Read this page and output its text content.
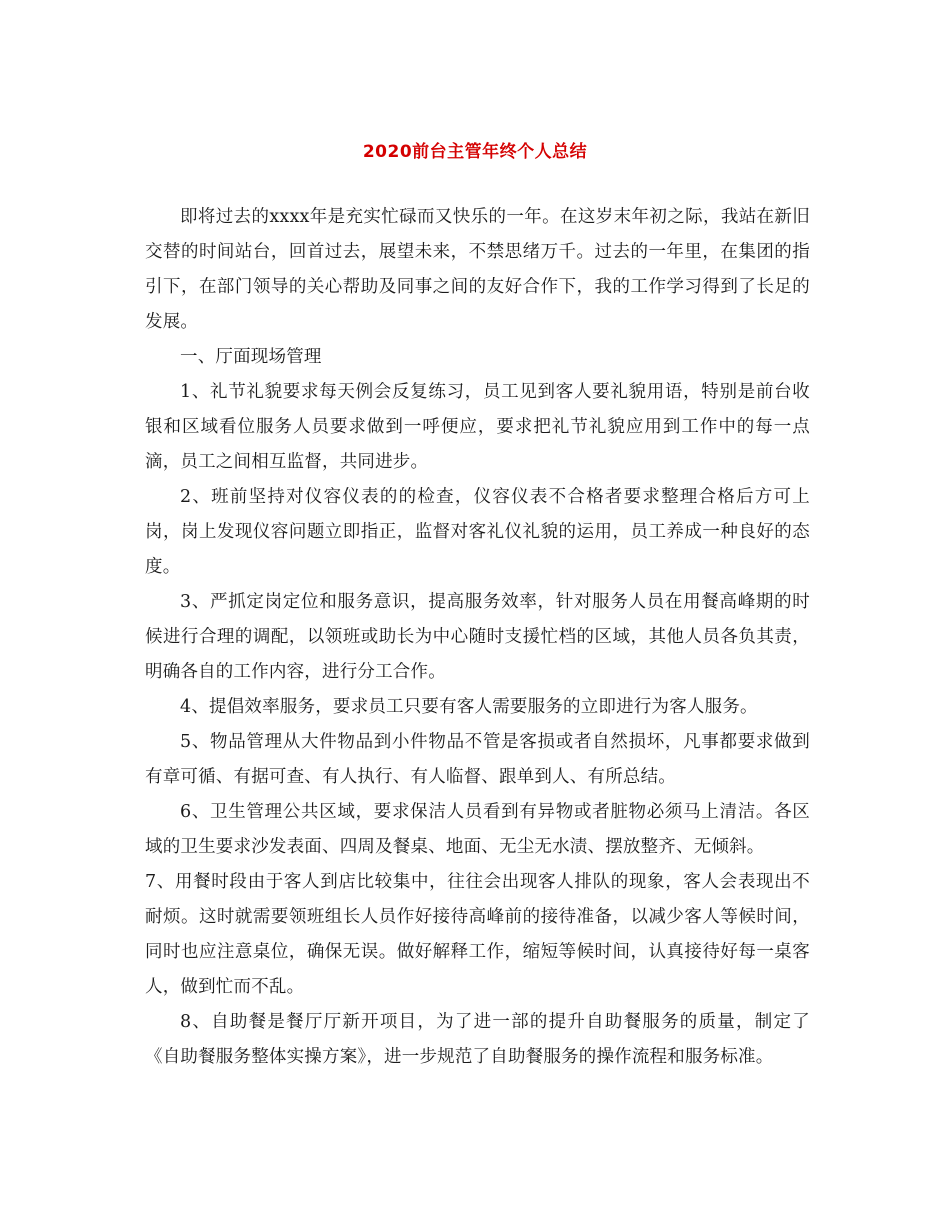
2020前台主管年终个人总结

即将过去的xxxx年是充实忙碌而又快乐的一年。在这岁末年初之际，我站在新旧交替的时间站台，回首过去，展望未来，不禁思绪万千。过去的一年里，在集团的指引下，在部门领导的关心帮助及同事之间的友好合作下，我的工作学习得到了长足的发展。

一、厅面现场管理

1、礼节礼貌要求每天例会反复练习，员工见到客人要礼貌用语，特别是前台收银和区域看位服务人员要求做到一呼便应，要求把礼节礼貌应用到工作中的每一点滴，员工之间相互监督，共同进步。

2、班前坚持对仪容仪表的的检查，仪容仪表不合格者要求整理合格后方可上岗，岗上发现仪容问题立即指正，监督对客礼仪礼貌的运用，员工养成一种良好的态度。

3、严抓定岗定位和服务意识，提高服务效率，针对服务人员在用餐高峰期的时候进行合理的调配，以领班或助长为中心随时支援忙档的区域，其他人员各负其责，明确各自的工作内容，进行分工合作。

4、提倡效率服务，要求员工只要有客人需要服务的立即进行为客人服务。

5、物品管理从大件物品到小件物品不管是客损或者自然损坏，凡事都要求做到有章可循、有据可查、有人执行、有人临督、跟单到人、有所总结。

6、卫生管理公共区域，要求保洁人员看到有异物或者脏物必须马上清洁。各区域的卫生要求沙发表面、四周及餐桌、地面、无尘无水渍、摆放整齐、无倾斜。

7、用餐时段由于客人到店比较集中，往往会出现客人排队的现象，客人会表现出不耐烦。这时就需要领班组长人员作好接待高峰前的接待准备，以减少客人等候时间，同时也应注意桌位，确保无误。做好解释工作，缩短等候时间，认真接待好每一桌客人，做到忙而不乱。

8、自助餐是餐厅厅新开项目，为了进一部的提升自助餐服务的质量，制定了《自助餐服务整体实操方案》，进一步规范了自助餐服务的操作流程和服务标准。
